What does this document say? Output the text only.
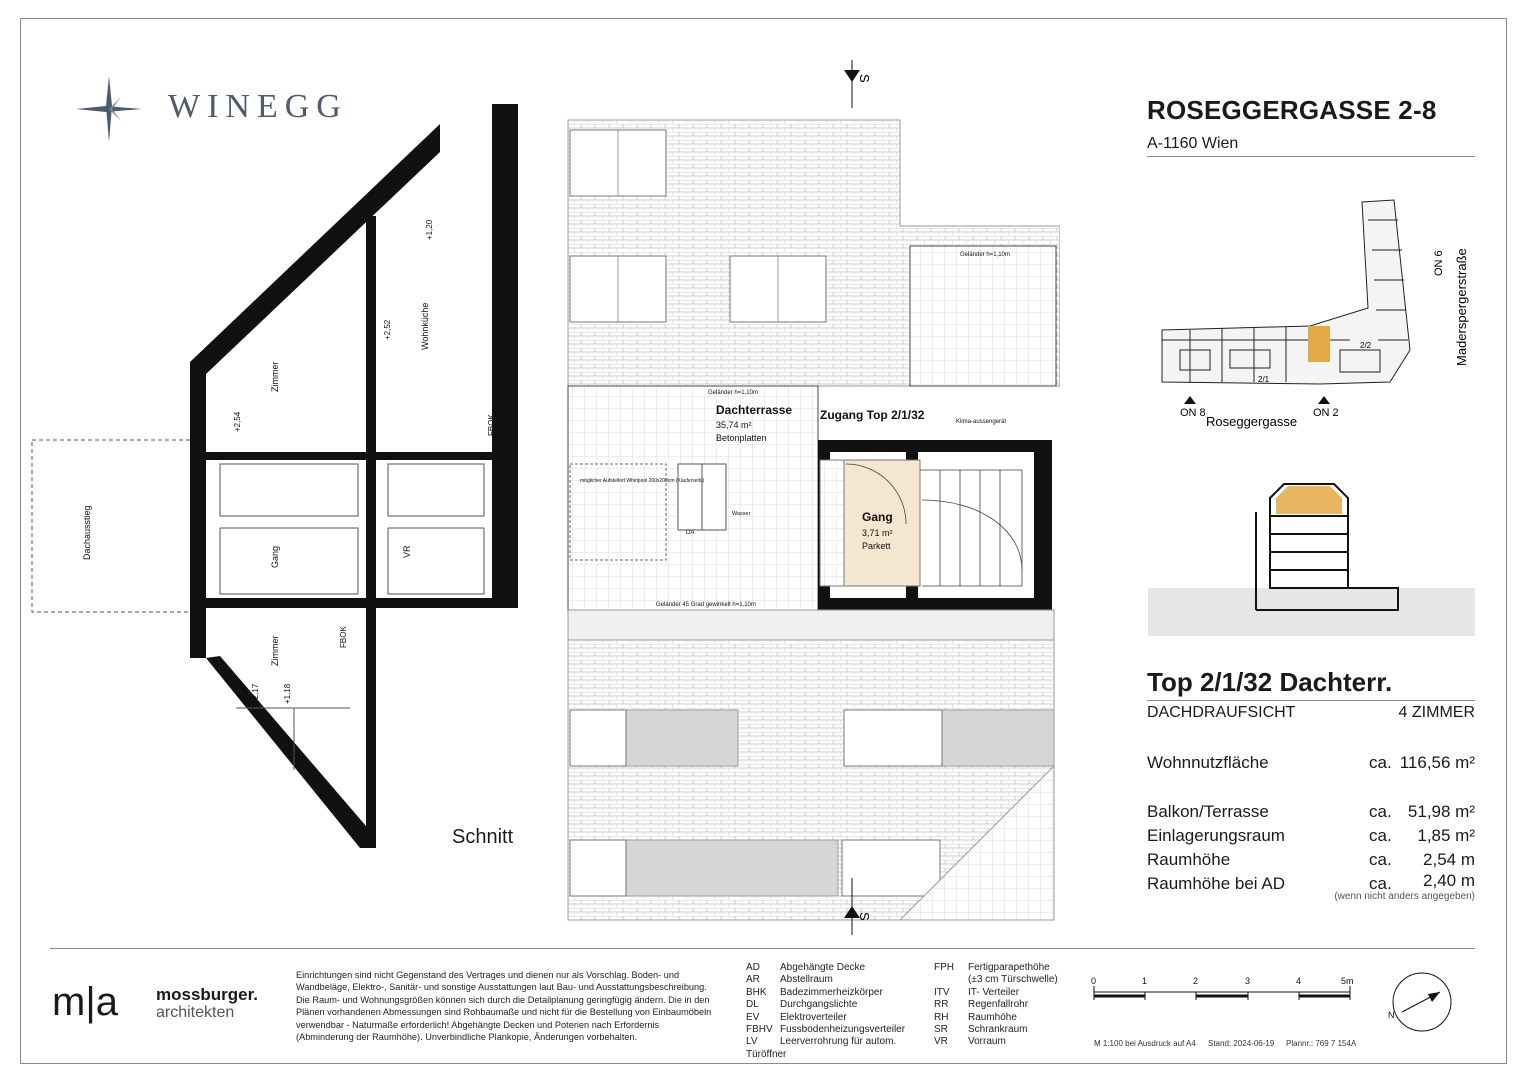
WINEGG	ROSEGGERGASSE 2-8
A-1160 Wien
ON 8	ON 2
ON 6
2/1
2/2
Roseggergasse
Maderspergerstraße
Top 2/1/32 Dachterr.
DACHDRAUFSICHT	4 ZIMMER
Wohnnutzfläche	ca. 116,56 m²
Balkon/Terrasse	ca. 51,98 m²
Einlagerungsraum	ca. 1,85 m²
Raumhöhe	ca. 2,54 m
Raumhöhe bei AD	ca. 2,40 m
(wenn nicht anders angegeben)
Zimmer
Wohnküche
Gang	VR
Zimmer
Dachausstieg
+1,20
+2,52
+2,54
+2,17	+1,18
FBOK
FBOK
Schnitt
S
S
Dachterrasse
35,74 m²
Betonplatten
Zugang Top 2/1/32
Gang
3,71 m²
Parkett
Geländer h=1,10m
Geländer h=1,10m
Geländer 45 Grad gewinkelt h=1,10m
Klima-aussengerät
Raffstores
Raffstores
Rigol
möglicher Aufstellort Whirlpool 200x200cm (Käuferseits)
Wasser
DA
m|a mossburger.
architekten
Einrichtungen sind nicht Gegenstand des Vertrages und dienen nur als Vorschlag. Boden- und Wandbeläge, Elektro-, Sanitär- und sonstige Ausstattungen laut Bau- und Ausstattungsbeschreibung. Die Raum- und Wohnungsgrößen können sich durch die Detailplanung geringfügig ändern. Die in den Plänen vorhandenen Abmessungen sind Rohbaumaße und nicht für die Bestellung von Einbaumöbeln verwendbar - Naturmaße erforderlich! Abgehängte Decken und Poterien nach Erfordernis (Abminderung der Raumhöhe). Unverbindliche Plankopie, Änderungen vorbehalten.
AD Abgehängte Decke
AR Abstellraum
BHK Badezimmerheizkörper
DL Durchgangslichte
EV Elektroverteiler
FBHV Fussbodenheizungsverteiler
LV Leerverrohrung für autom. Türöffner
FPH Fertigparapethöhe
(±3 cm Türschwelle)
ITV IT- Verteiler
RR Regenfallrohr
RH Raumhöhe
SR Schrankraum
VR Vorraum
0	1	2	3	4	5m
M 1:100 bei Ausdruck auf A4 Stand: 2024-06-19 Plannr.: 769 7 154A
N
